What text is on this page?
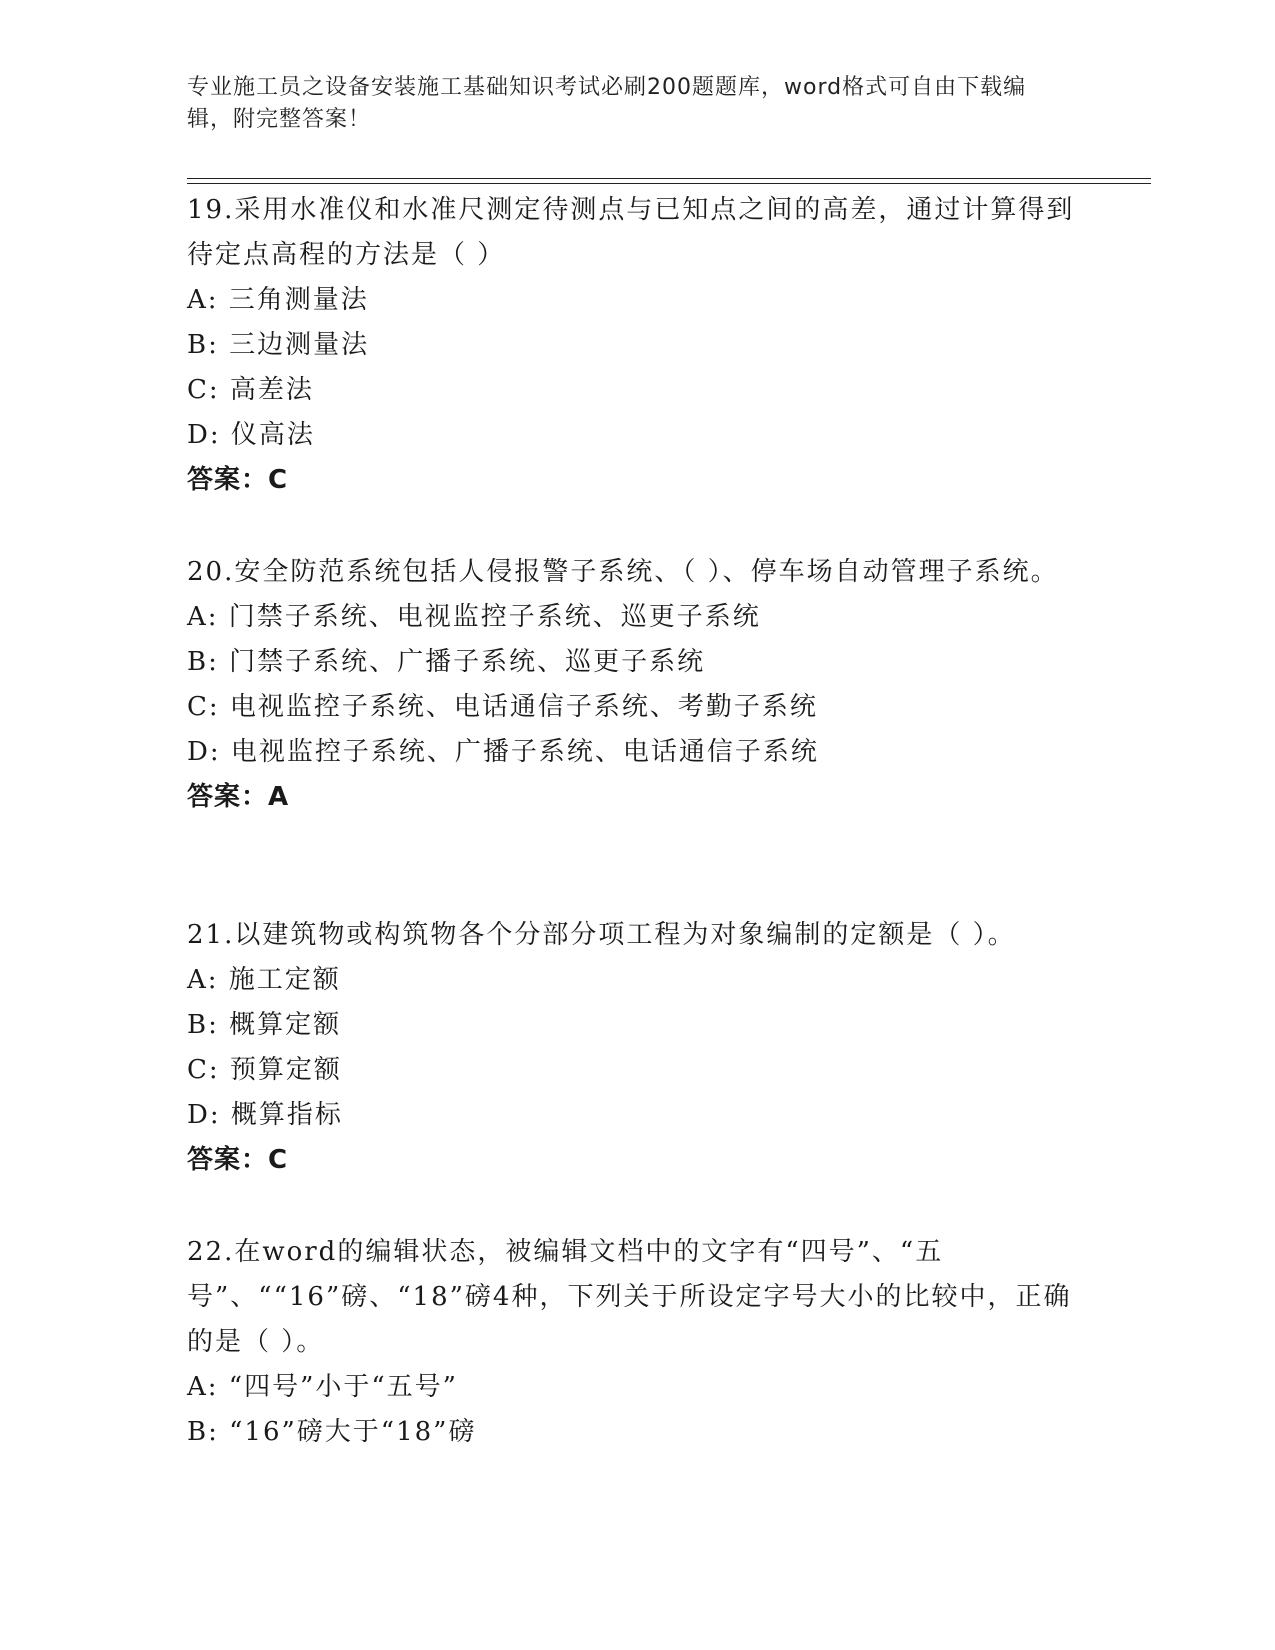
专业施工员之设备安装施工基础知识考试必刷200题题库，word格式可自由下载编辑，附完整答案！
19.采用水准仪和水准尺测定待测点与已知点之间的高差，通过计算得到待定点高程的方法是（ ）
A: 三角测量法
B: 三边测量法
C: 高差法
D: 仪高法
答案：C
20.安全防范系统包括人侵报警子系统、（ ）、停车场自动管理子系统。
A: 门禁子系统、电视监控子系统、巡更子系统
B: 门禁子系统、广播子系统、巡更子系统
C: 电视监控子系统、电话通信子系统、考勤子系统
D: 电视监控子系统、广播子系统、电话通信子系统
答案：A
21.以建筑物或构筑物各个分部分项工程为对象编制的定额是（ ）。
A: 施工定额
B: 概算定额
C: 预算定额
D: 概算指标
答案：C
22.在word的编辑状态，被编辑文档中的文字有“四号”、“五号”、““16”磅、“18”磅4种，下列关于所设定字号大小的比较中，正确的是（ ）。
A: “四号”小于“五号”
B: “16”磅大于“18”磅
